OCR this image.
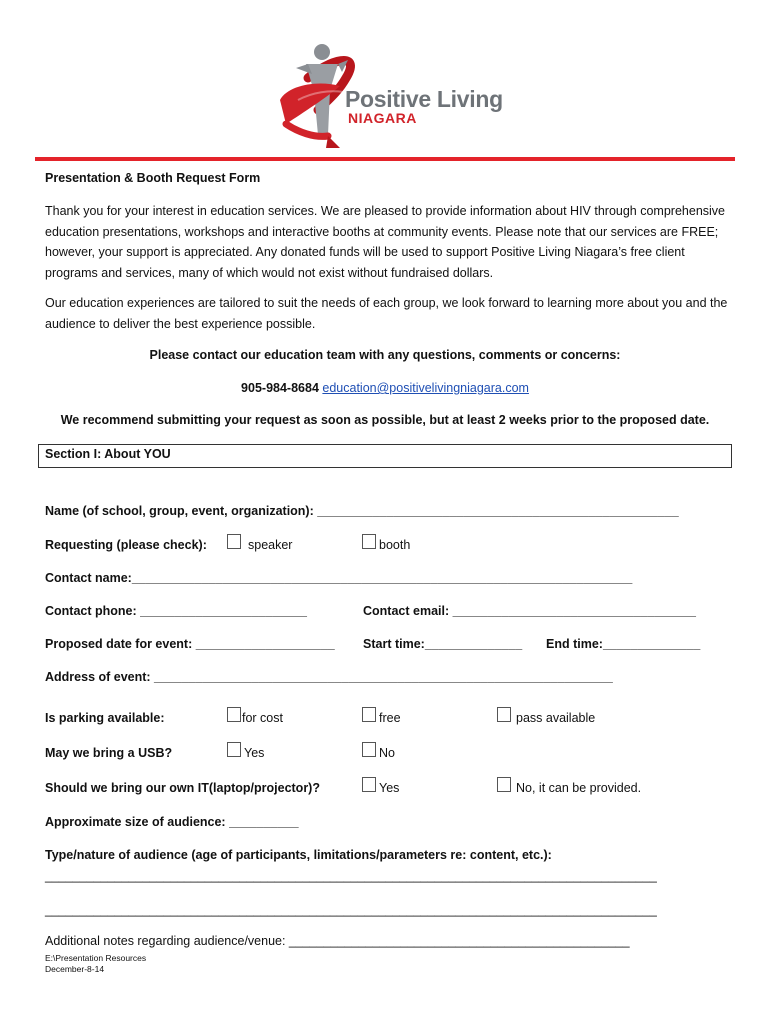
Positive Living
NIAGARA
Presentation & Booth Request Form
Thank you for your interest in education services. We are pleased to provide information about HIV through comprehensive education presentations, workshops and interactive booths at community events. Please note that our services are FREE; however, your support is appreciated. Any donated funds will be used to support Positive Living Niagara’s free client programs and services, many of which would not exist without fundraised dollars.
Our education experiences are tailored to suit the needs of each group, we look forward to learning more about you and the audience to deliver the best experience possible.
Please contact our education team with any questions, comments or concerns:
905-984-8684 education@positivelivingniagara.com
We recommend submitting your request as soon as possible, but at least 2 weeks prior to the proposed date.
Section I: About YOU
Name (of school, group, event, organization): ____________________________________________________
Requesting (please check):	speaker	booth
Contact name:________________________________________________________________________
Contact phone: ________________________	Contact email: ___________________________________
Proposed date for event: ____________________ Start time:______________ End time:______________
Address of event: __________________________________________________________________
Is parking available:	for cost	free	pass available
May we bring a USB?	Yes	No
Should we bring our own IT(laptop/projector)?	Yes	No, it can be provided.
Approximate size of audience: __________
Type/nature of audience (age of participants, limitations/parameters re: content, etc.):
________________________________________________________________________________________
________________________________________________________________________________________
Additional notes regarding audience/venue: _________________________________________________
E:\Presentation Resources
December-8-14
